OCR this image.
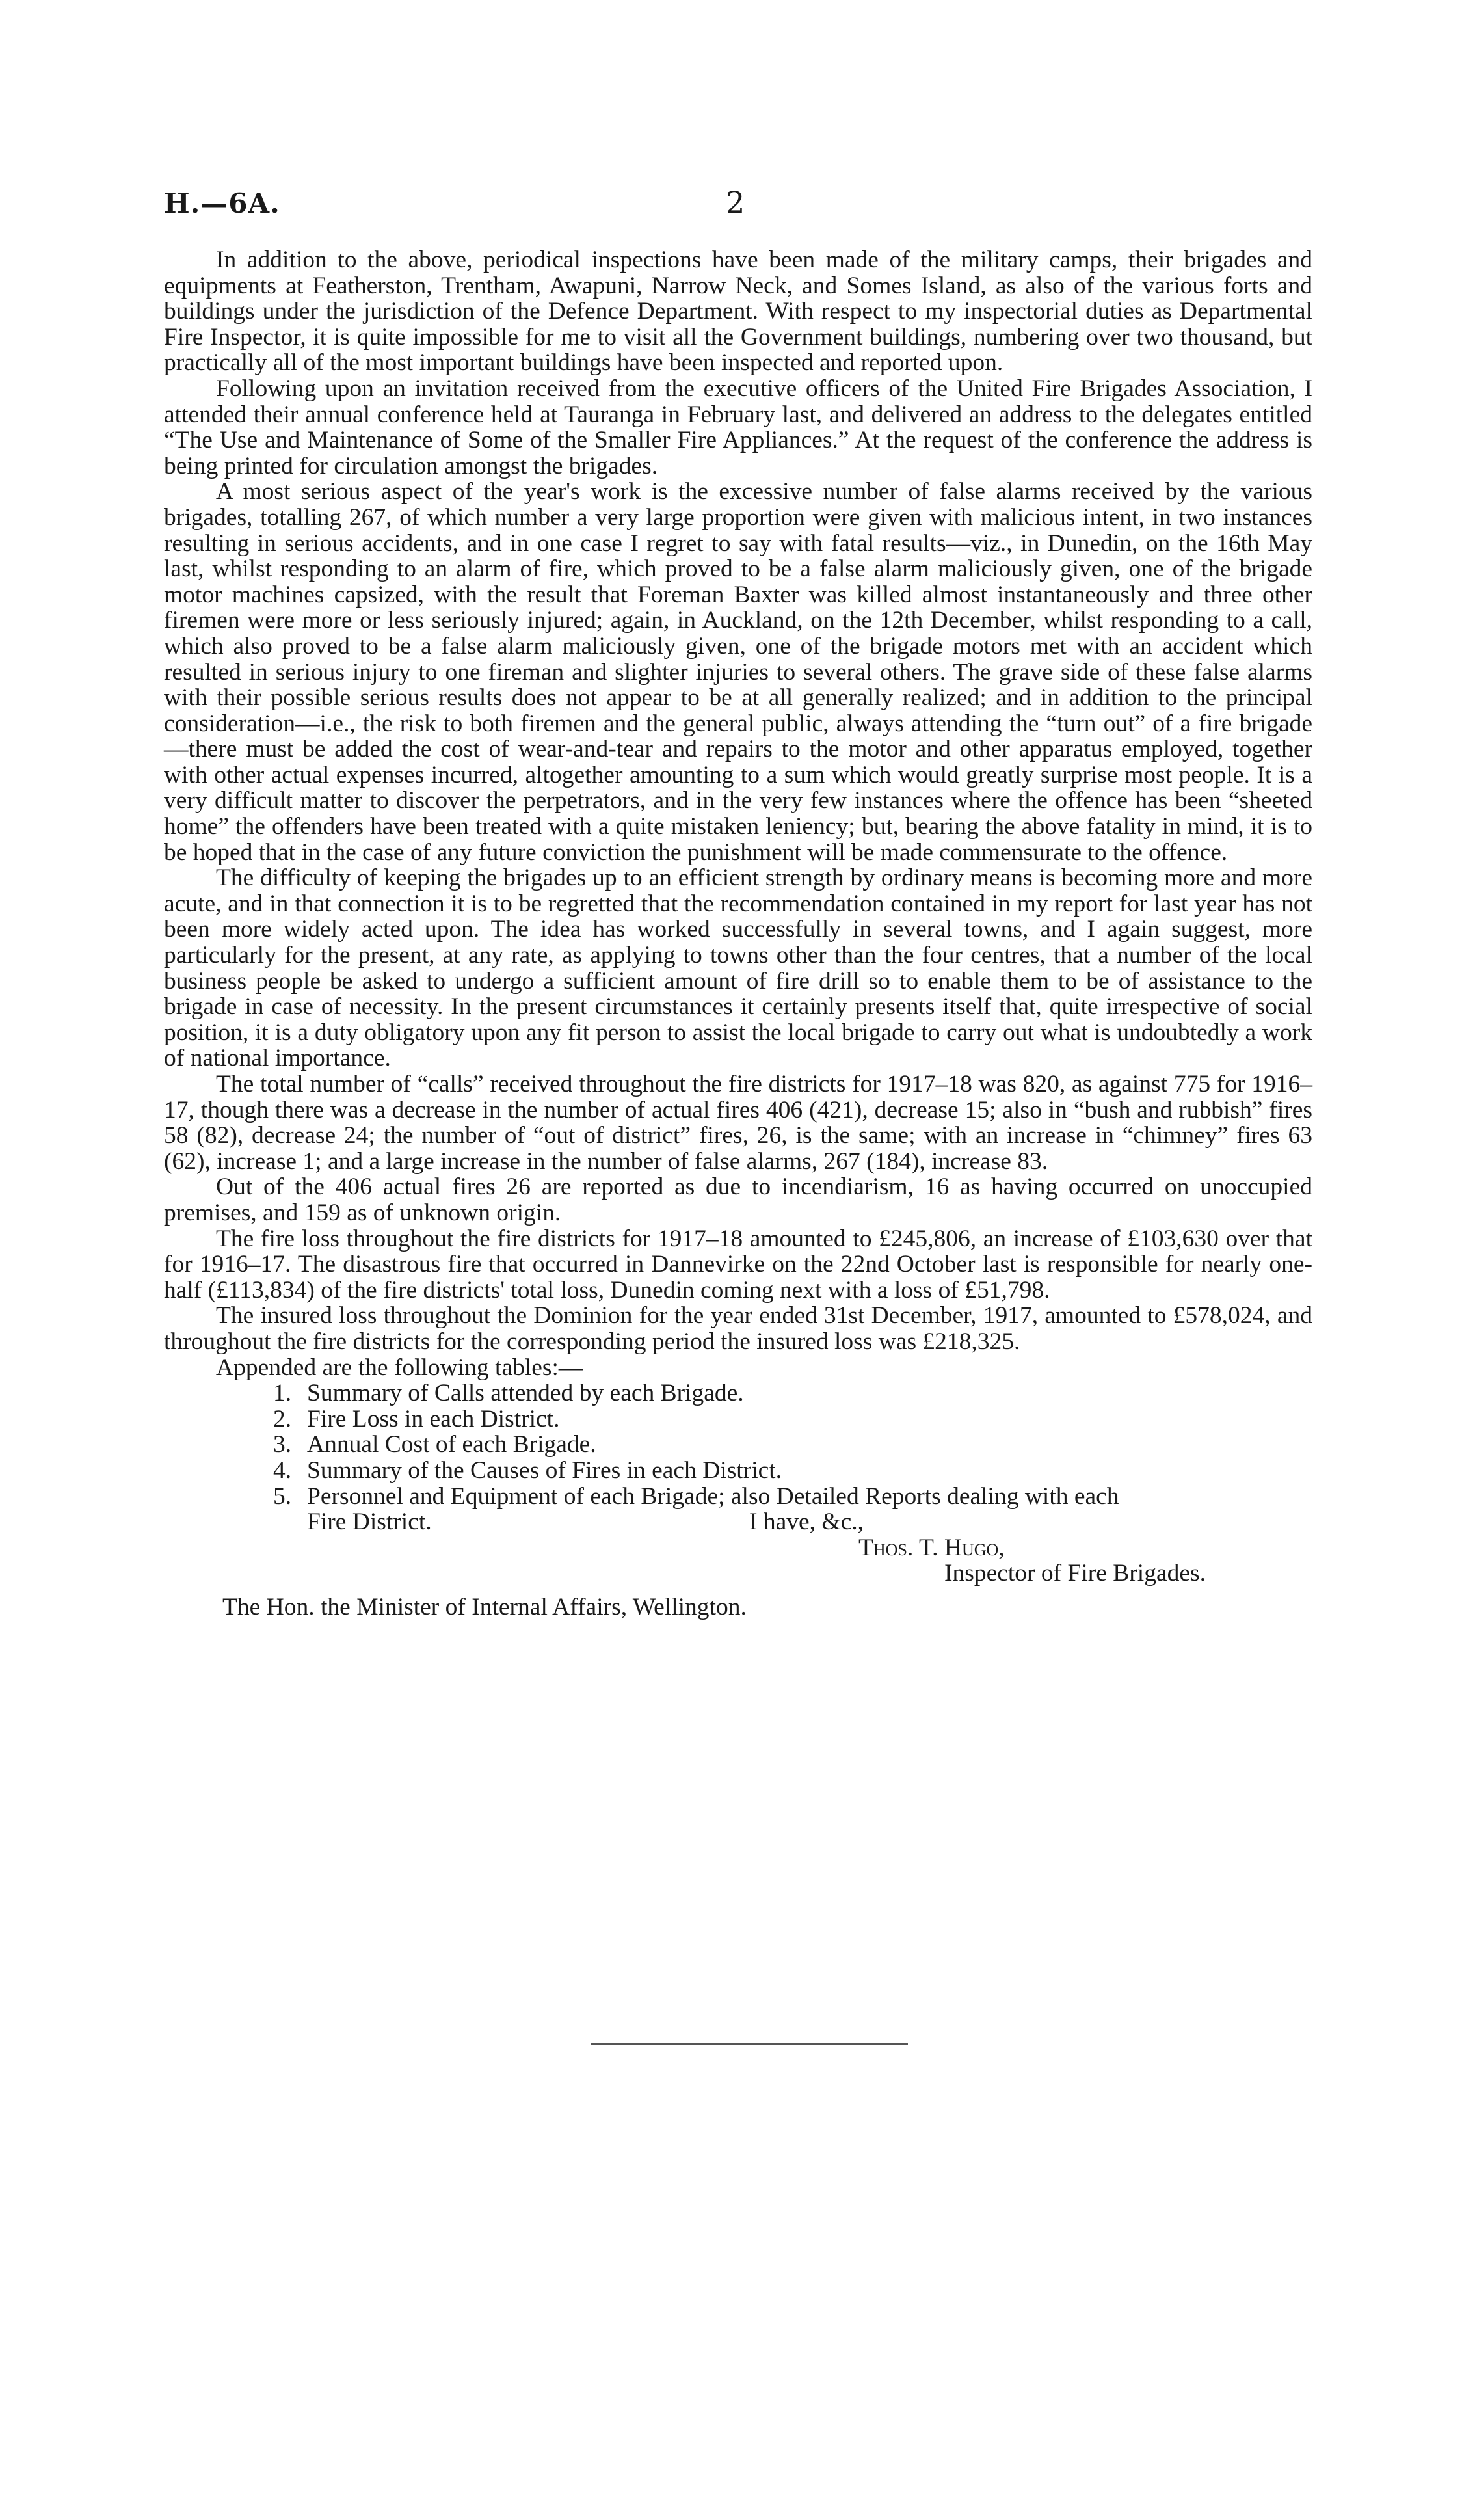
H.—6A.	2

In addition to the above, periodical inspections have been made of the military camps, their brigades and equipments at Featherston, Trentham, Awapuni, Narrow Neck, and Somes Island, as also of the various forts and buildings under the jurisdiction of the Defence Department. With respect to my inspectorial duties as Departmental Fire Inspector, it is quite impossible for me to visit all the Government buildings, numbering over two thousand, but practically all of the most important buildings have been inspected and reported upon.

Following upon an invitation received from the executive officers of the United Fire Brigades Association, I attended their annual conference held at Tauranga in February last, and delivered an address to the delegates entitled “The Use and Maintenance of Some of the Smaller Fire Appliances.” At the request of the conference the address is being printed for circulation amongst the brigades.

A most serious aspect of the year's work is the excessive number of false alarms received by the various brigades, totalling 267, of which number a very large proportion were given with malicious intent, in two instances resulting in serious accidents, and in one case I regret to say with fatal results—viz., in Dunedin, on the 16th May last, whilst responding to an alarm of fire, which proved to be a false alarm maliciously given, one of the brigade motor machines capsized, with the result that Foreman Baxter was killed almost instantaneously and three other firemen were more or less seriously injured; again, in Auckland, on the 12th December, whilst responding to a call, which also proved to be a false alarm maliciously given, one of the brigade motors met with an accident which resulted in serious injury to one fireman and slighter injuries to several others. The grave side of these false alarms with their possible serious results does not appear to be at all generally realized; and in addition to the principal consideration—i.e., the risk to both firemen and the general public, always attending the “turn out” of a fire brigade—there must be added the cost of wear-and-tear and repairs to the motor and other apparatus employed, together with other actual expenses incurred, altogether amounting to a sum which would greatly surprise most people. It is a very difficult matter to discover the perpetrators, and in the very few instances where the offence has been “sheeted home” the offenders have been treated with a quite mistaken leniency; but, bearing the above fatality in mind, it is to be hoped that in the case of any future conviction the punishment will be made commensurate to the offence.

The difficulty of keeping the brigades up to an efficient strength by ordinary means is becoming more and more acute, and in that connection it is to be regretted that the recommendation contained in my report for last year has not been more widely acted upon. The idea has worked successfully in several towns, and I again suggest, more particularly for the present, at any rate, as applying to towns other than the four centres, that a number of the local business people be asked to undergo a sufficient amount of fire drill so to enable them to be of assistance to the brigade in case of necessity. In the present circumstances it certainly presents itself that, quite irrespective of social position, it is a duty obligatory upon any fit person to assist the local brigade to carry out what is undoubtedly a work of national importance.

The total number of “calls” received throughout the fire districts for 1917–18 was 820, as against 775 for 1916–17, though there was a decrease in the number of actual fires 406 (421), decrease 15; also in “bush and rubbish” fires 58 (82), decrease 24; the number of “out of district” fires, 26, is the same; with an increase in “chimney” fires 63 (62), increase 1; and a large increase in the number of false alarms, 267 (184), increase 83.

Out of the 406 actual fires 26 are reported as due to incendiarism, 16 as having occurred on unoccupied premises, and 159 as of unknown origin.

The fire loss throughout the fire districts for 1917–18 amounted to £245,806, an increase of £103,630 over that for 1916–17. The disastrous fire that occurred in Dannevirke on the 22nd October last is responsible for nearly one-half (£113,834) of the fire districts' total loss, Dunedin coming next with a loss of £51,798.

The insured loss throughout the Dominion for the year ended 31st December, 1917, amounted to £578,024, and throughout the fire districts for the corresponding period the insured loss was £218,325.

Appended are the following tables:—

1. Summary of Calls attended by each Brigade.
2. Fire Loss in each District.
3. Annual Cost of each Brigade.
4. Summary of the Causes of Fires in each District.
5. Personnel and Equipment of each Brigade; also Detailed Reports dealing with each
Fire District.	I have, &c.,
Thos. T. Hugo,
Inspector of Fire Brigades.
The Hon. the Minister of Internal Affairs, Wellington.
